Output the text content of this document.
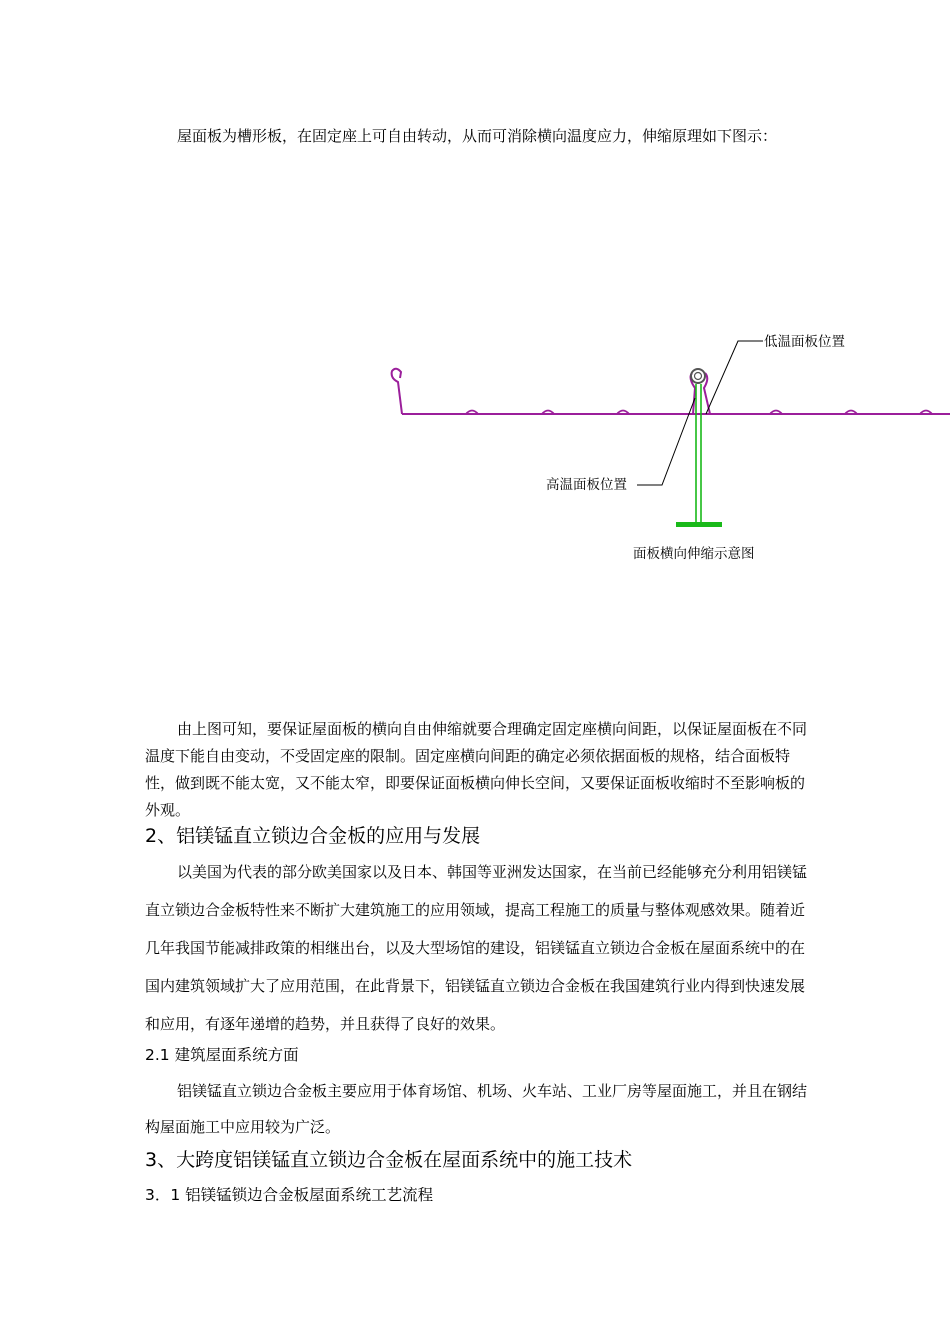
屋面板为槽形板，在固定座上可自由转动，从而可消除横向温度应力，伸缩原理如下图示：

低温面板位置
高温面板位置
面板横向伸缩示意图

由上图可知，要保证屋面板的横向自由伸缩就要合理确定固定座横向间距，以保证屋面板在不同温度下能自由变动，不受固定座的限制。固定座横向间距的确定必须依据面板的规格，结合面板特性，做到既不能太宽，又不能太窄，即要保证面板横向伸长空间，又要保证面板收缩时不至影响板的外观。

2、铝镁锰直立锁边合金板的应用与发展

以美国为代表的部分欧美国家以及日本、韩国等亚洲发达国家，在当前已经能够充分利用铝镁锰直立锁边合金板特性来不断扩大建筑施工的应用领域，提高工程施工的质量与整体观感效果。随着近几年我国节能减排政策的相继出台，以及大型场馆的建设，铝镁锰直立锁边合金板在屋面系统中的在国内建筑领域扩大了应用范围，在此背景下，铝镁锰直立锁边合金板在我国建筑行业内得到快速发展和应用，有逐年递增的趋势，并且获得了良好的效果。

2.1 建筑屋面系统方面

铝镁锰直立锁边合金板主要应用于体育场馆、机场、火车站、工业厂房等屋面施工，并且在钢结构屋面施工中应用较为广泛。

3、大跨度铝镁锰直立锁边合金板在屋面系统中的施工技术
3．1 铝镁锰锁边合金板屋面系统工艺流程
